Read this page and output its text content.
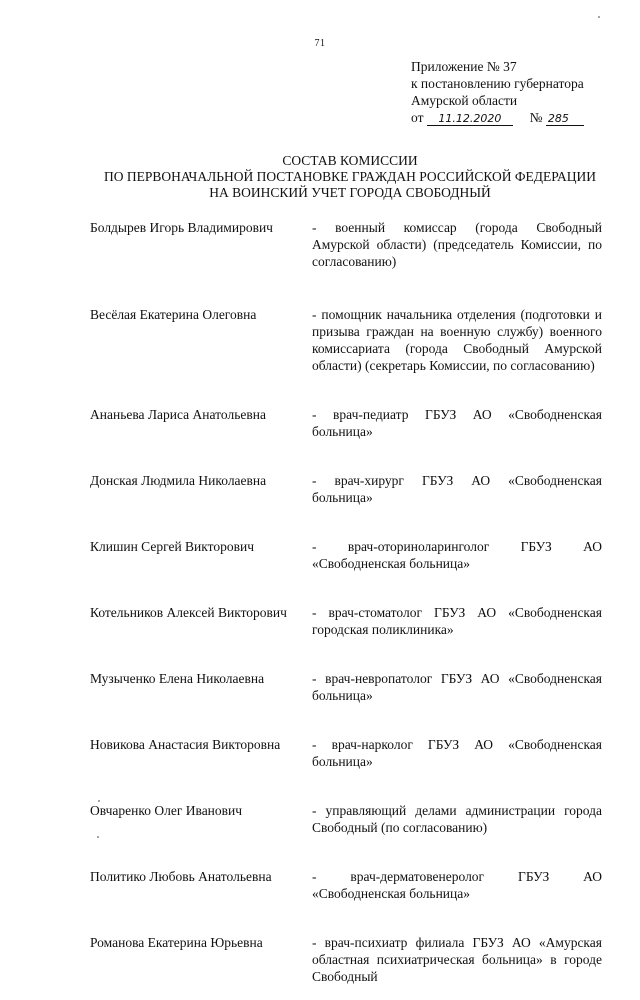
71
Приложение № 37
к постановлению губернатора
Амурской области
от 11.12.2020 № 285
СОСТАВ КОМИССИИ
ПО ПЕРВОНАЧАЛЬНОЙ ПОСТАНОВКЕ ГРАЖДАН РОССИЙСКОЙ ФЕДЕРАЦИИ
НА ВОИНСКИЙ УЧЕТ ГОРОДА СВОБОДНЫЙ
Болдырев Игорь Владимирович	- военный комиссар (города Свободный Амурской области) (председатель Комиссии, по согласованию)
Весёлая Екатерина Олеговна	- помощник начальника отделения (подготовки и призыва граждан на военную службу) военного комиссариата (города Свободный Амурской области) (секретарь Комиссии, по согласованию)
Ананьева Лариса Анатольевна	- врач-педиатр ГБУЗ АО «Свободненская больница»
Донская Людмила Николаевна	- врач-хирург ГБУЗ АО «Свободненская больница»
Клишин Сергей Викторович	- врач-оториноларинголог ГБУЗ АО «Свободненская больница»
Котельников Алексей Викторович	- врач-стоматолог ГБУЗ АО «Свободненская городская поликлиника»
Музыченко Елена Николаевна	- врач-невропатолог ГБУЗ АО «Свободненская больница»
Новикова Анастасия Викторовна	- врач-нарколог ГБУЗ АО «Свободненская больница»
Овчаренко Олег Иванович	- управляющий делами администрации города Свободный (по согласованию)
Политико Любовь Анатольевна	- врач-дерматовенеролог ГБУЗ АО «Свободненская больница»
Романова Екатерина Юрьевна	- врач-психиатр филиала ГБУЗ АО «Амурская областная психиатрическая больница» в городе Свободный
